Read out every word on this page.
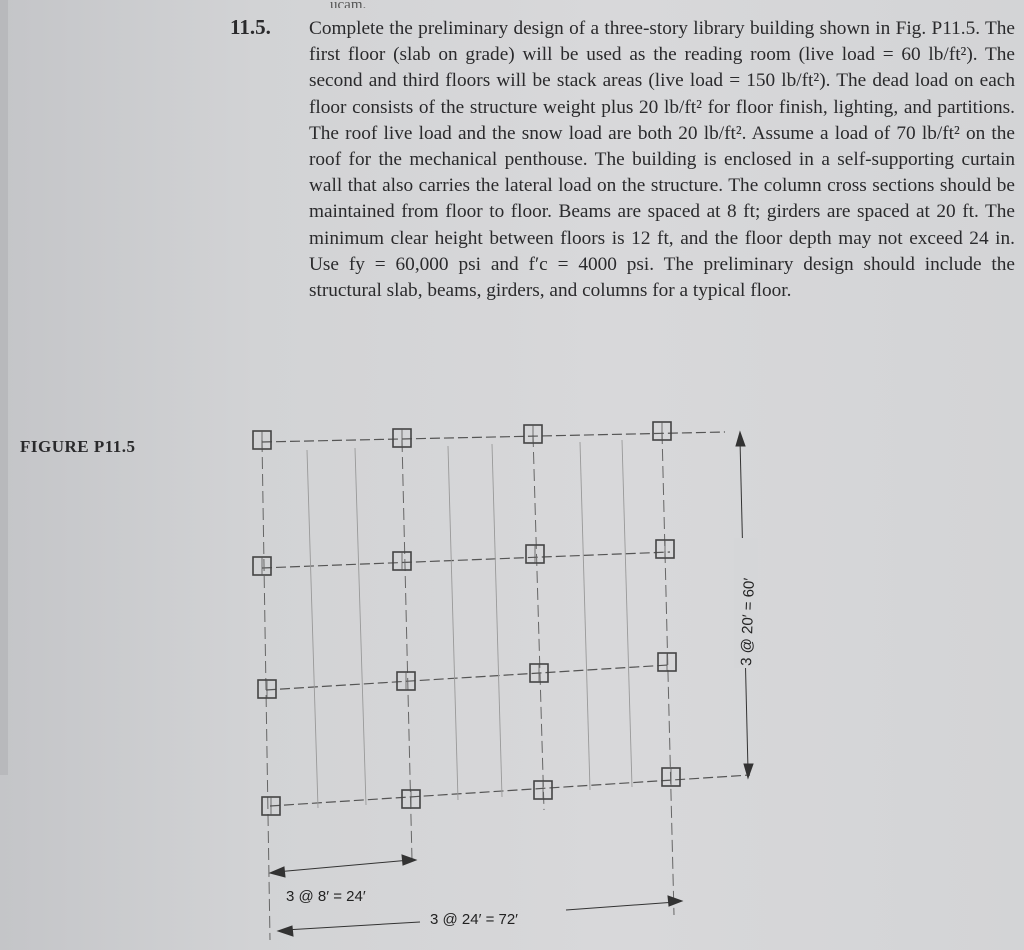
ucam.
11.5. Complete the preliminary design of a three-story library building shown in Fig. P11.5. The first floor (slab on grade) will be used as the reading room (live load = 60 lb/ft²). The second and third floors will be stack areas (live load = 150 lb/ft²). The dead load on each floor consists of the structure weight plus 20 lb/ft² for floor finish, lighting, and partitions. The roof live load and the snow load are both 20 lb/ft². Assume a load of 70 lb/ft² on the roof for the mechanical penthouse. The building is enclosed in a self-supporting curtain wall that also carries the lateral load on the structure. The column cross sections should be maintained from floor to floor. Beams are spaced at 8 ft; girders are spaced at 20 ft. The minimum clear height between floors is 12 ft, and the floor depth may not exceed 24 in. Use fy = 60,000 psi and f′c = 4000 psi. The preliminary design should include the structural slab, beams, girders, and columns for a typical floor.

FIGURE P11.5
3 @ 20′ = 60′
3 @ 8′ = 24′
3 @ 24′ = 72′
